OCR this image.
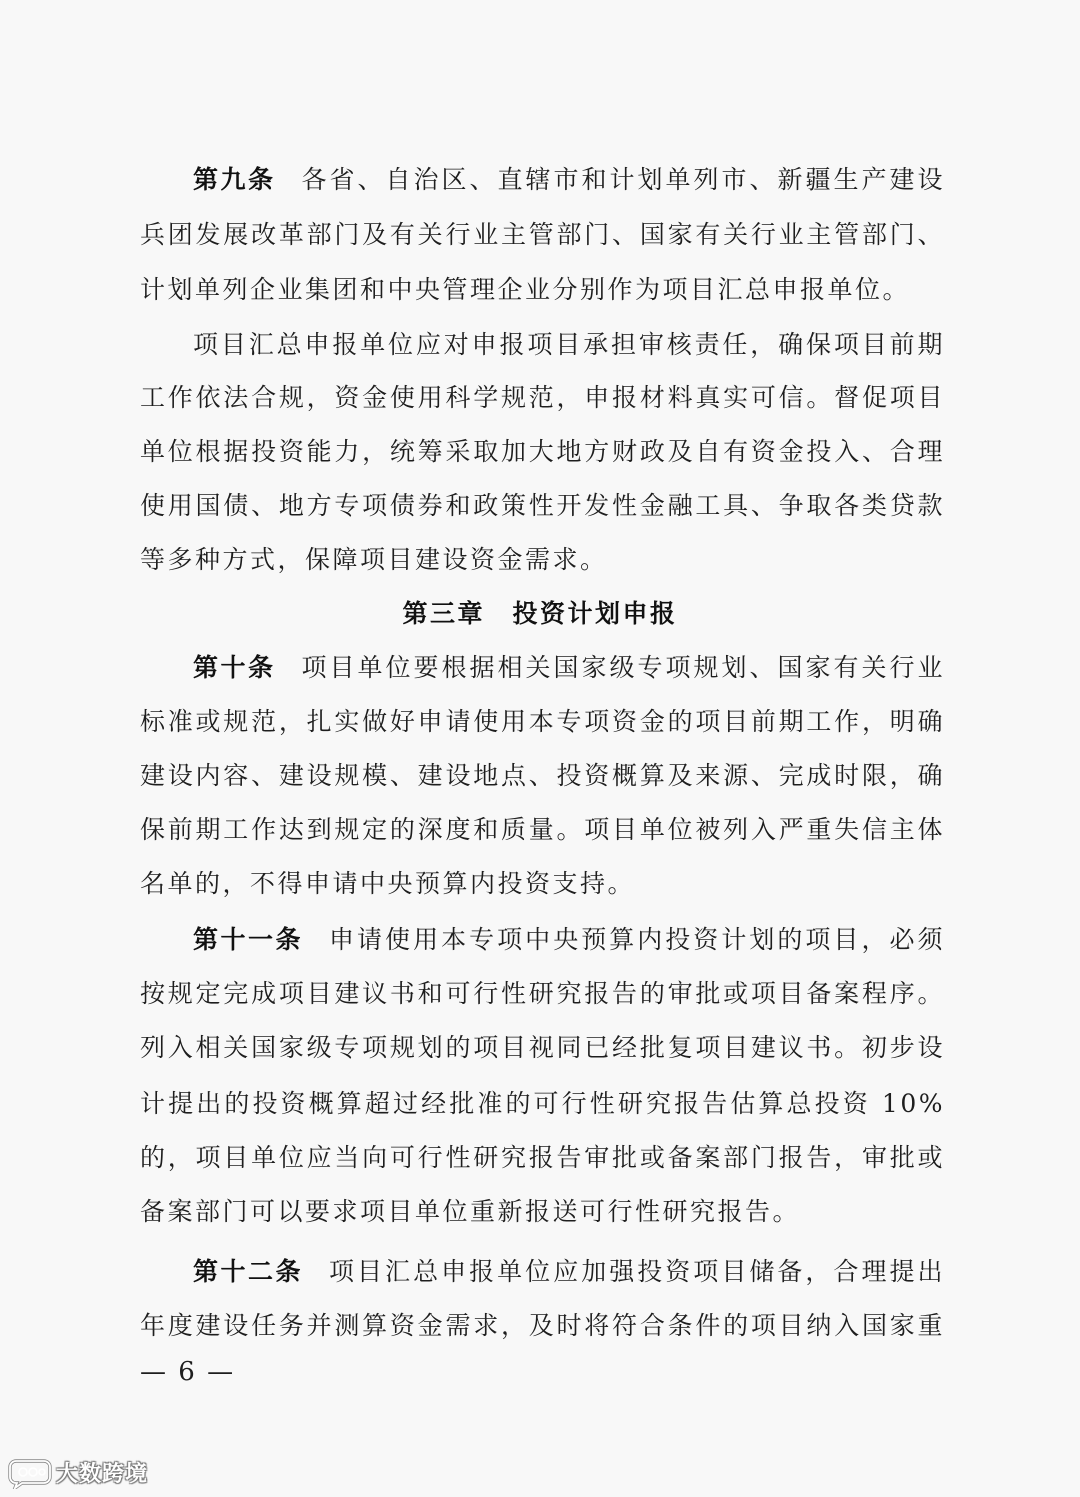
第九条 各省、自治区、直辖市和计划单列市、新疆生产建设
兵团发展改革部门及有关行业主管部门、国家有关行业主管部门、
计划单列企业集团和中央管理企业分别作为项目汇总申报单位。
项目汇总申报单位应对申报项目承担审核责任，确保项目前期
工作依法合规，资金使用科学规范，申报材料真实可信。督促项目
单位根据投资能力，统筹采取加大地方财政及自有资金投入、合理
使用国债、地方专项债券和政策性开发性金融工具、争取各类贷款
等多种方式，保障项目建设资金需求。
第三章　投资计划申报
第十条 项目单位要根据相关国家级专项规划、国家有关行业
标准或规范，扎实做好申请使用本专项资金的项目前期工作，明确
建设内容、建设规模、建设地点、投资概算及来源、完成时限，确
保前期工作达到规定的深度和质量。项目单位被列入严重失信主体
名单的，不得申请中央预算内投资支持。
第十一条 申请使用本专项中央预算内投资计划的项目，必须
按规定完成项目建议书和可行性研究报告的审批或项目备案程序。
列入相关国家级专项规划的项目视同已经批复项目建议书。初步设
计提出的投资概算超过经批准的可行性研究报告估算总投资 10%
的，项目单位应当向可行性研究报告审批或备案部门报告，审批或
备案部门可以要求项目单位重新报送可行性研究报告。
第十二条 项目汇总申报单位应加强投资项目储备，合理提出
年度建设任务并测算资金需求，及时将符合条件的项目纳入国家重
— 6 —
大数跨境
